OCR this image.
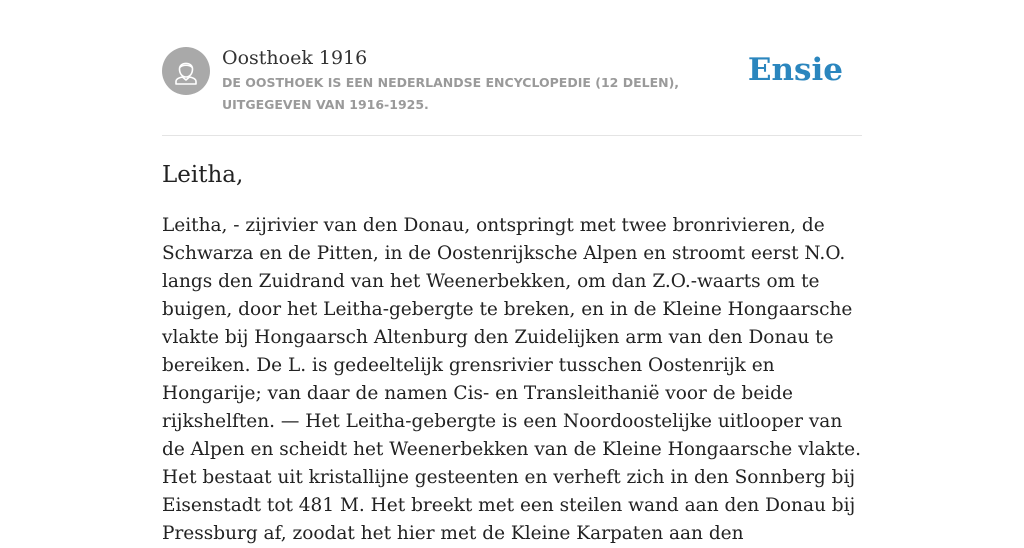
Oosthoek 1916
DE OOSTHOEK IS EEN NEDERLANDSE ENCYCLOPEDIE (12 DELEN), UITGEGEVEN VAN 1916-1925.
Ensie
Leitha,

Leitha, - zijrivier van den Donau, ontspringt met twee bronrivieren, de Schwarza en de Pitten, in de Oostenrijksche Alpen en stroomt eerst N.O. langs den Zuidrand van het Weenerbekken, om dan Z.O.-waarts om te buigen, door het Leitha-gebergte te breken, en in de Kleine Hongaarsche vlakte bij Hongaarsch Altenburg den Zuidelijken arm van den Donau te bereiken. De L. is gedeeltelijk grensrivier tusschen Oostenrijk en Hongarije; van daar de namen Cis- en Transleithanië voor de beide rijkshelften. — Het Leitha-gebergte is een Noordoostelijke uitlooper van de Alpen en scheidt het Weenerbekken van de Kleine Hongaarsche vlakte. Het bestaat uit kristallijne gesteenten en verheft zich in den Sonnberg bij Eisenstadt tot 481 M. Het breekt met een steilen wand aan den Donau bij Pressburg af, zoodat het hier met de Kleine Karpaten aan den
